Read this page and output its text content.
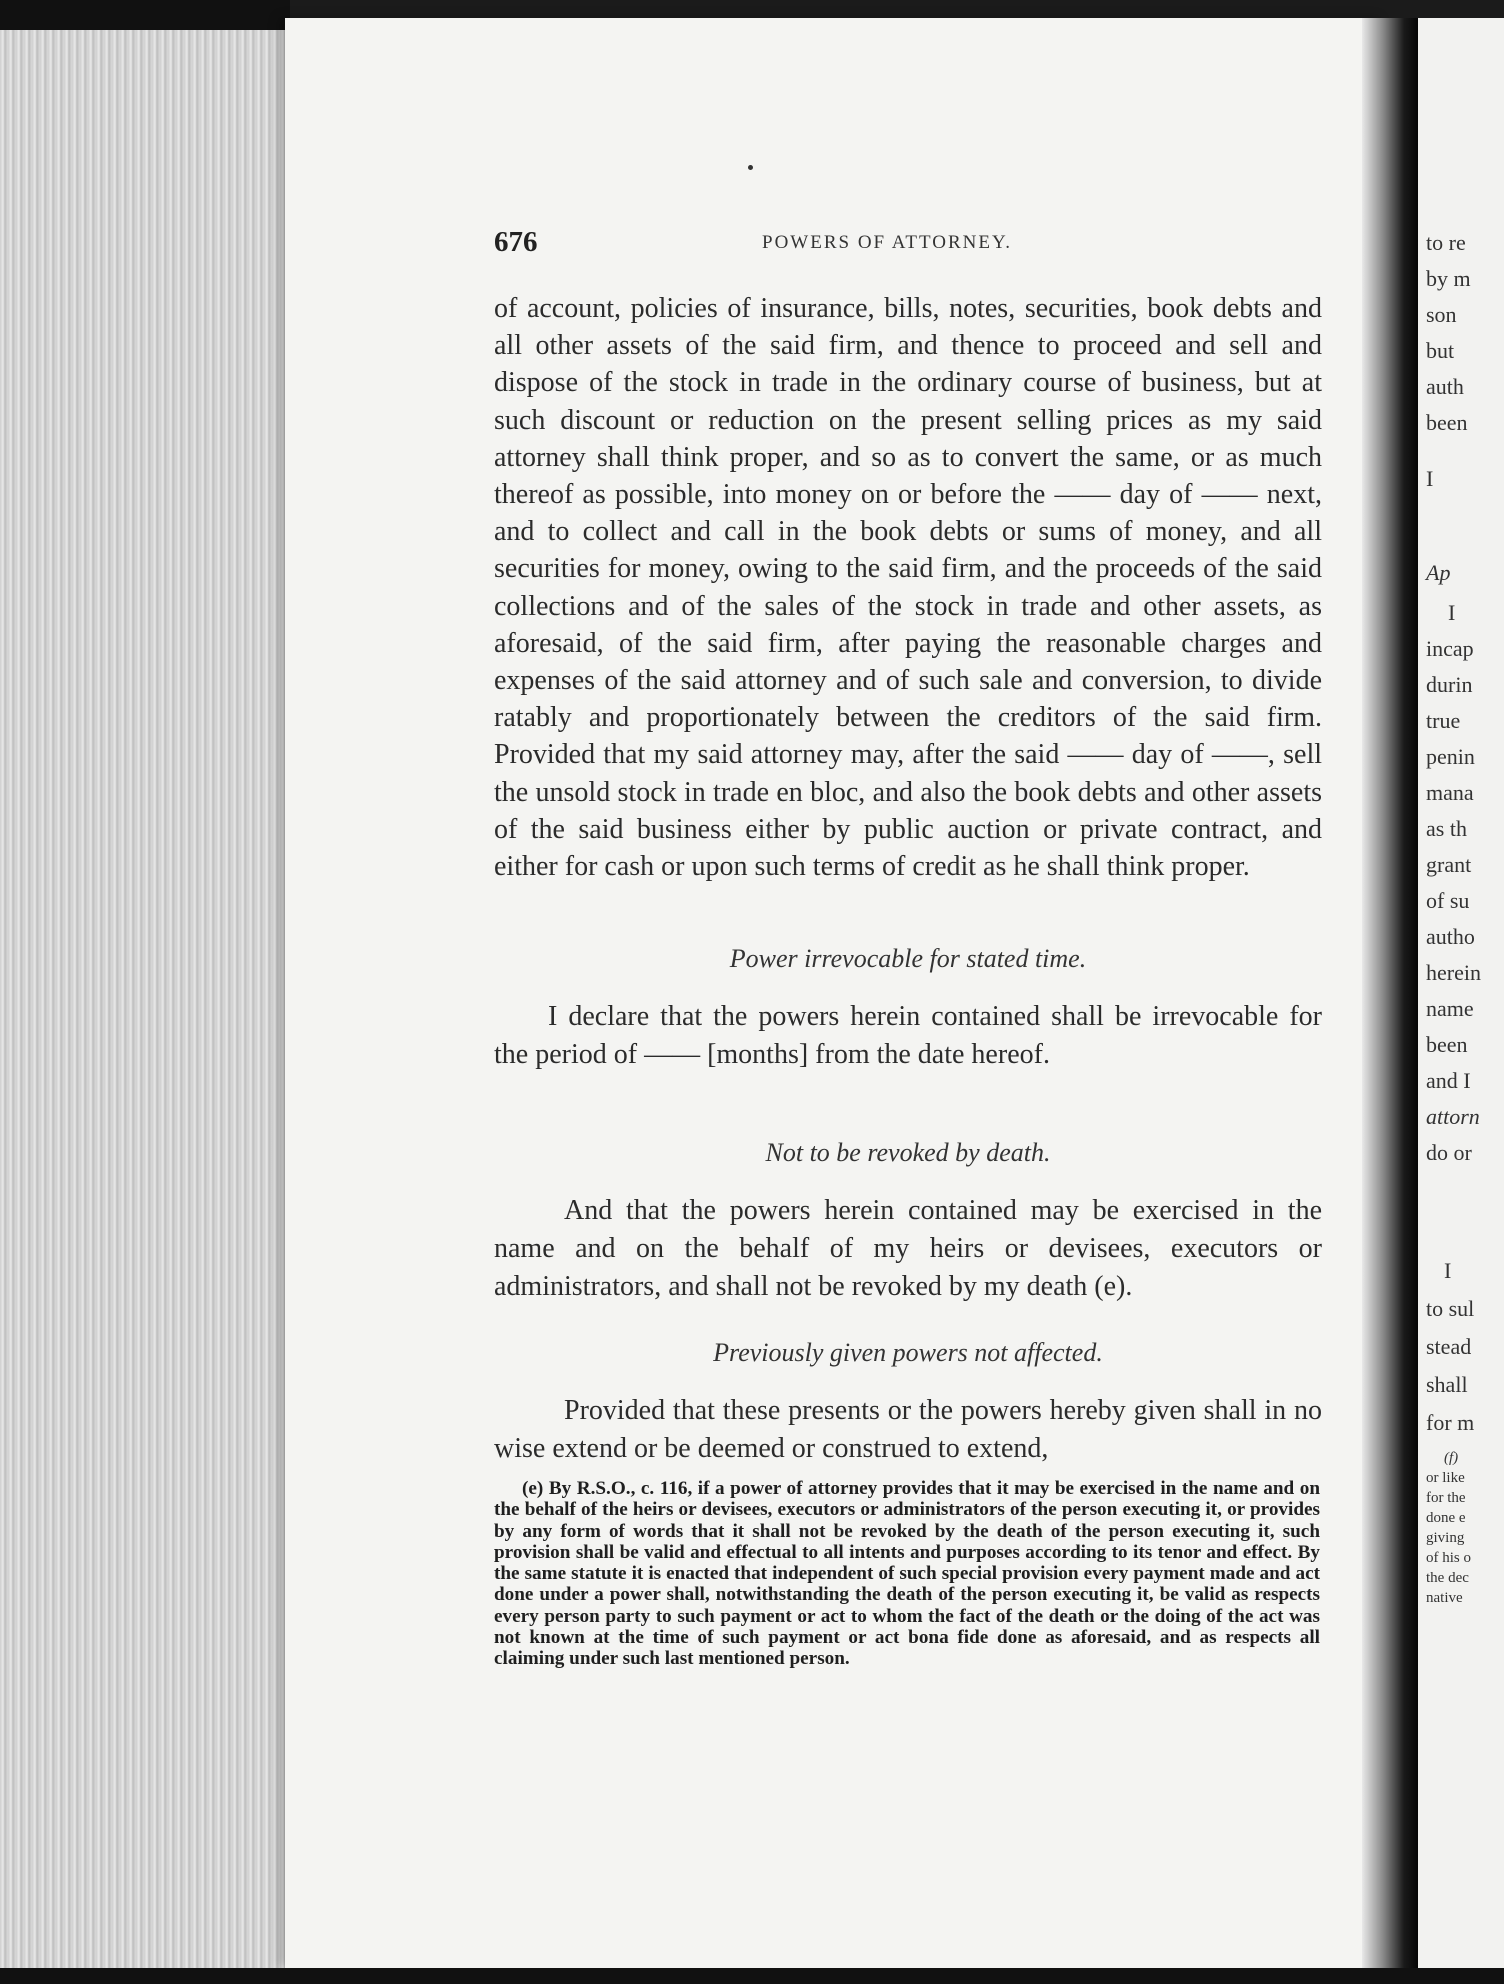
to re
by m
son
but
auth
been
I
Ap
I
incap
durin
true
penin
mana
as th
grant
of su
autho
herein
name
been
and I
attorn
do or
I
to sul
stead
shall
for m
(f)
or like
for the
done e
giving
of his o
the dec
native
676	POWERS OF ATTORNEY.

of account, policies of insurance, bills, notes, securities, book debts and all other assets of the said firm, and thence to proceed and sell and dispose of the stock in trade in the ordinary course of business, but at such discount or reduction on the present selling prices as my said attorney shall think proper, and so as to convert the same, or as much thereof as possible, into money on or before the —— day of —— next, and to collect and call in the book debts or sums of money, and all securities for money, owing to the said firm, and the proceeds of the said collections and of the sales of the stock in trade and other assets, as aforesaid, of the said firm, after paying the reasonable charges and expenses of the said attorney and of such sale and conversion, to divide ratably and proportionately between the creditors of the said firm. Provided that my said attorney may, after the said —— day of ——, sell the unsold stock in trade en bloc, and also the book debts and other assets of the said business either by public auction or private contract, and either for cash or upon such terms of credit as he shall think proper.

Power irrevocable for stated time.

I declare that the powers herein contained shall be irrevocable for the period of —— [months] from the date hereof.

Not to be revoked by death.

And that the powers herein contained may be exercised in the name and on the behalf of my heirs or devisees, executors or administrators, and shall not be revoked by my death (e).

Previously given powers not affected.

Provided that these presents or the powers hereby given shall in no wise extend or be deemed or construed to extend,
(e) By R.S.O., c. 116, if a power of attorney provides that it may be exercised in the name and on the behalf of the heirs or devisees, executors or administrators of the person executing it, or provides by any form of words that it shall not be revoked by the death of the person executing it, such provision shall be valid and effectual to all intents and purposes according to its tenor and effect. By the same statute it is enacted that independent of such special provision every payment made and act done under a power shall, notwithstanding the death of the person executing it, be valid as respects every person party to such payment or act to whom the fact of the death or the doing of the act was not known at the time of such payment or act bona fide done as aforesaid, and as respects all claiming under such last mentioned person.
